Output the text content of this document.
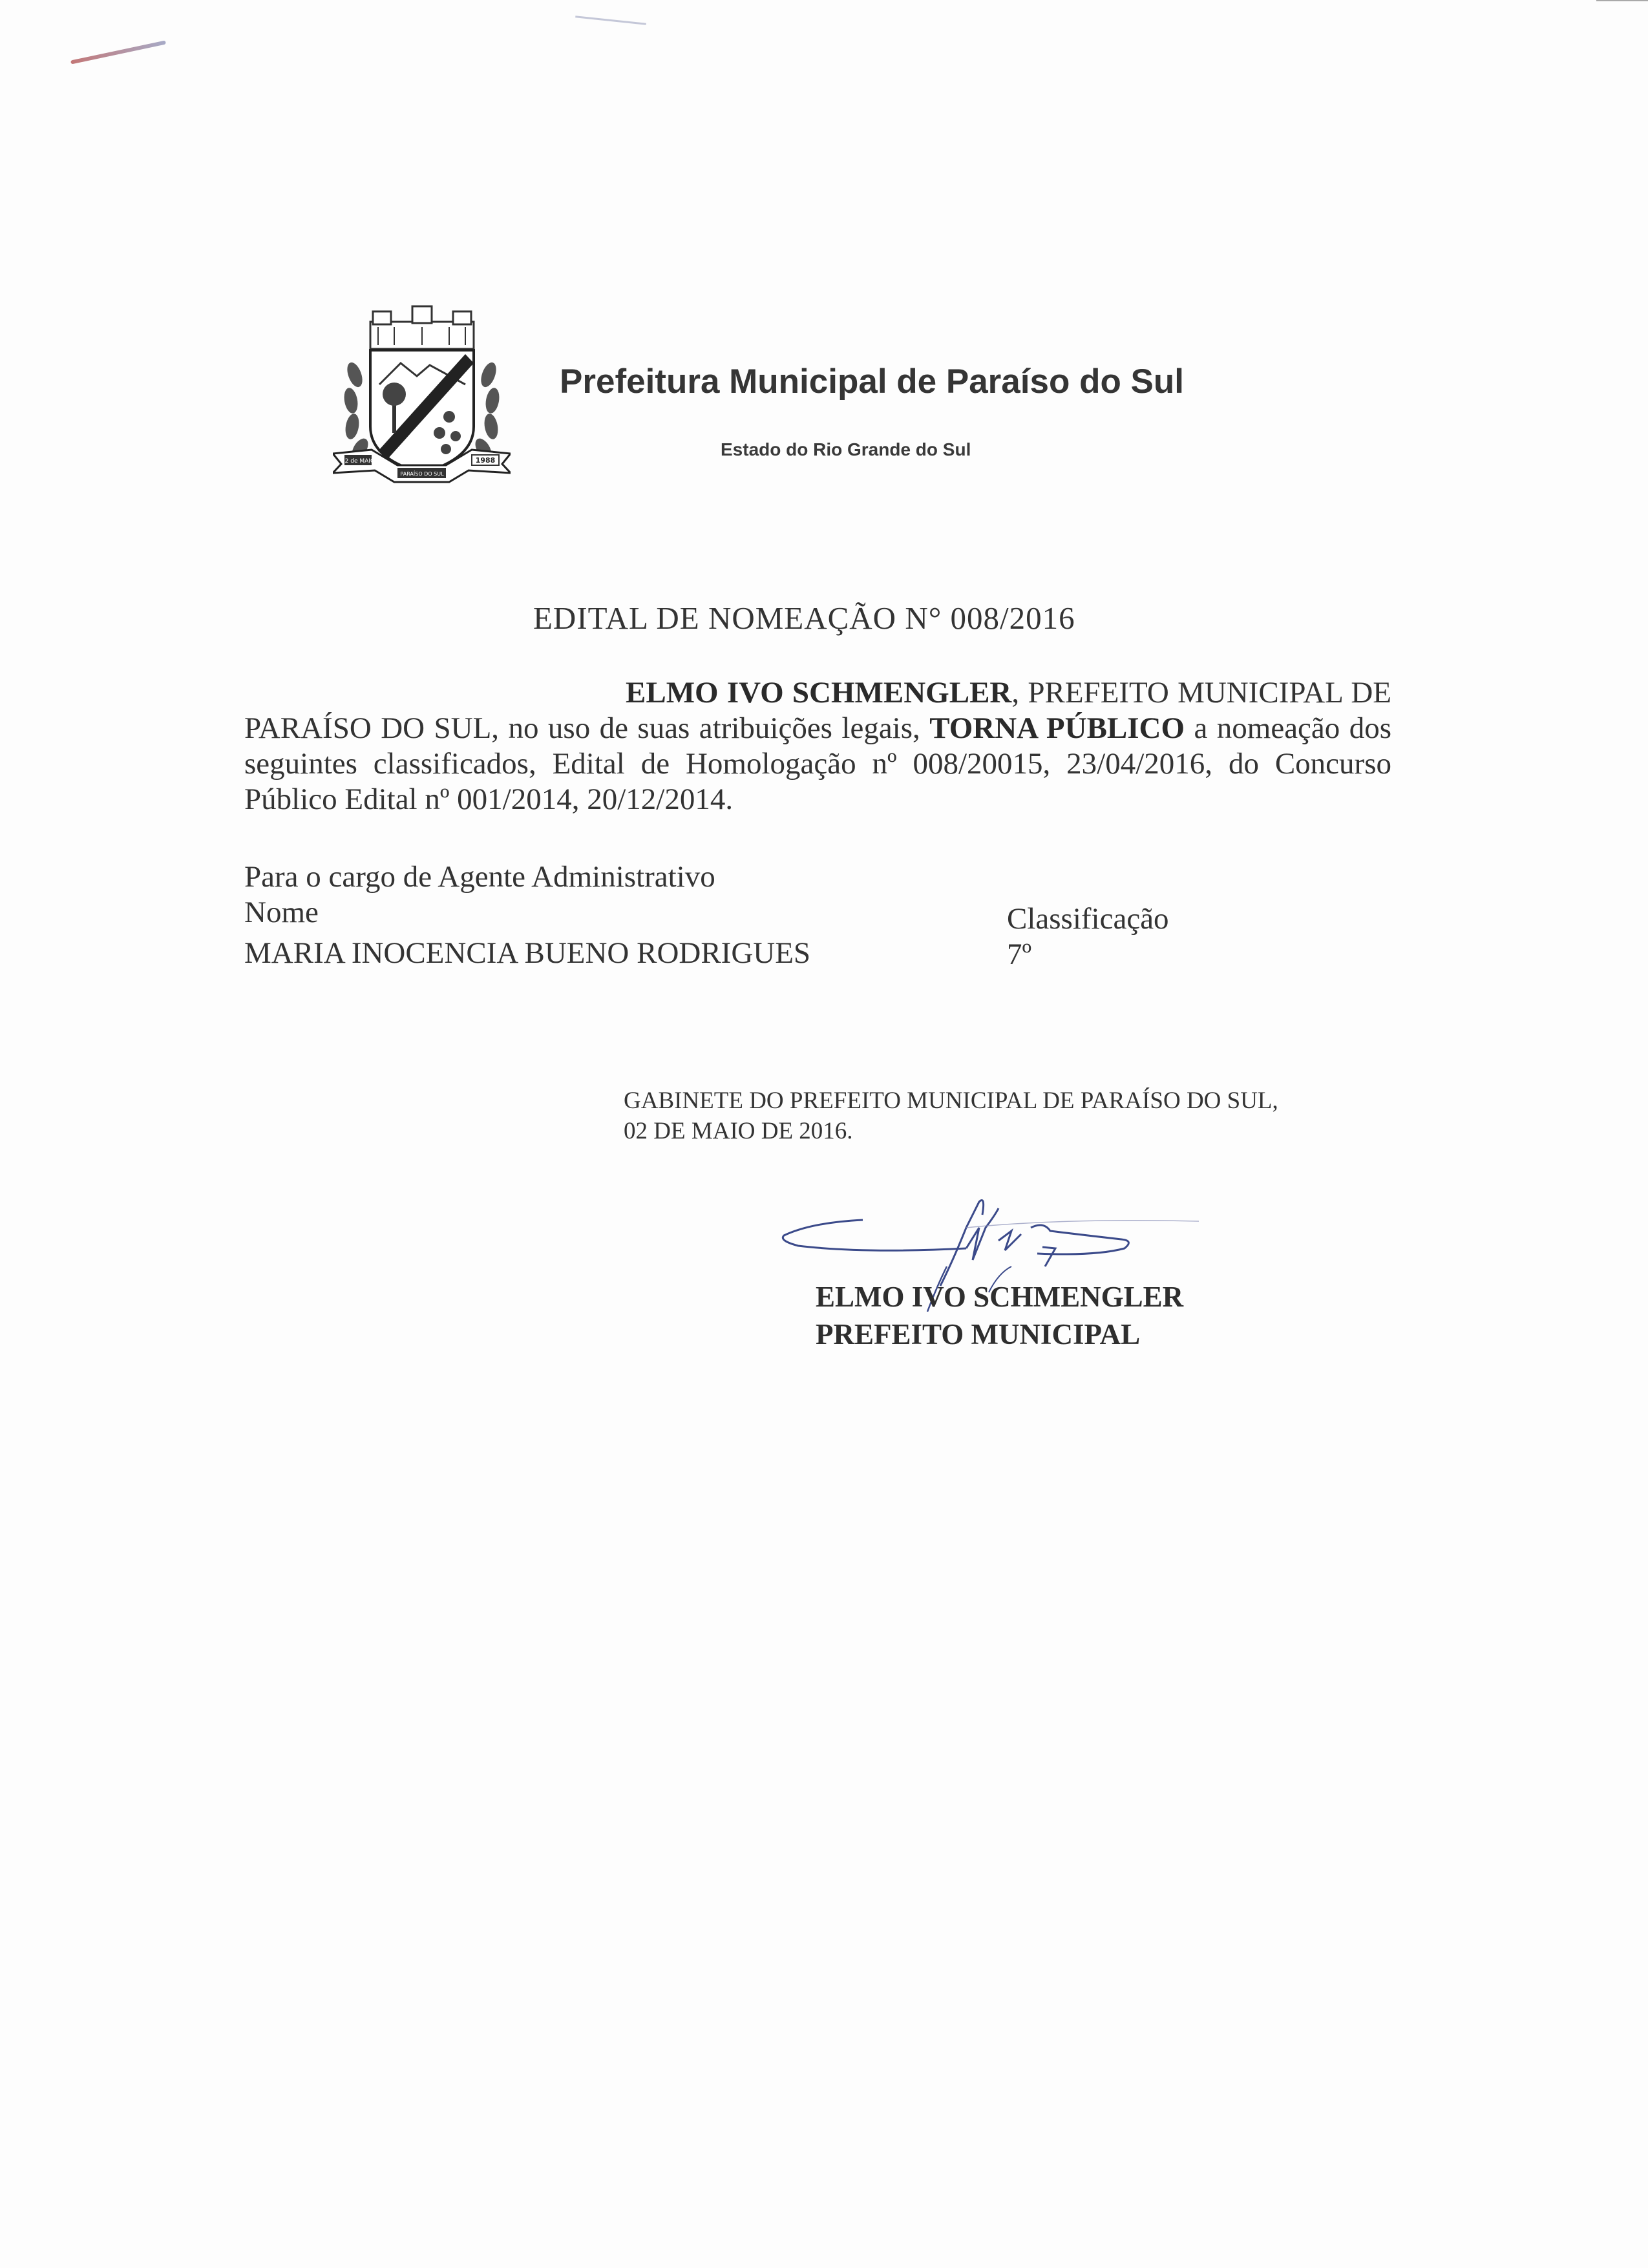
12 de MAIO	1988
PARAÍSO DO SUL
Prefeitura Municipal de Paraíso do Sul
Estado do Rio Grande do Sul
EDITAL DE NOMEAÇÃO N° 008/2016
ELMO IVO SCHMENGLER, PREFEITO MUNICIPAL DE PARAÍSO DO SUL, no uso de suas atribuições legais, TORNA PÚBLICO a nomeação dos seguintes classificados, Edital de Homologação nº 008/20015, 23/04/2016, do Concurso Público Edital nº 001/2014, 20/12/2014.
Para o cargo de Agente Administrativo
Nome	Classificação
MARIA INOCENCIA BUENO RODRIGUES	7º
GABINETE DO PREFEITO MUNICIPAL DE PARAÍSO DO SUL,
02 DE MAIO DE 2016.
ELMO IVO SCHMENGLER
PREFEITO MUNICIPAL
